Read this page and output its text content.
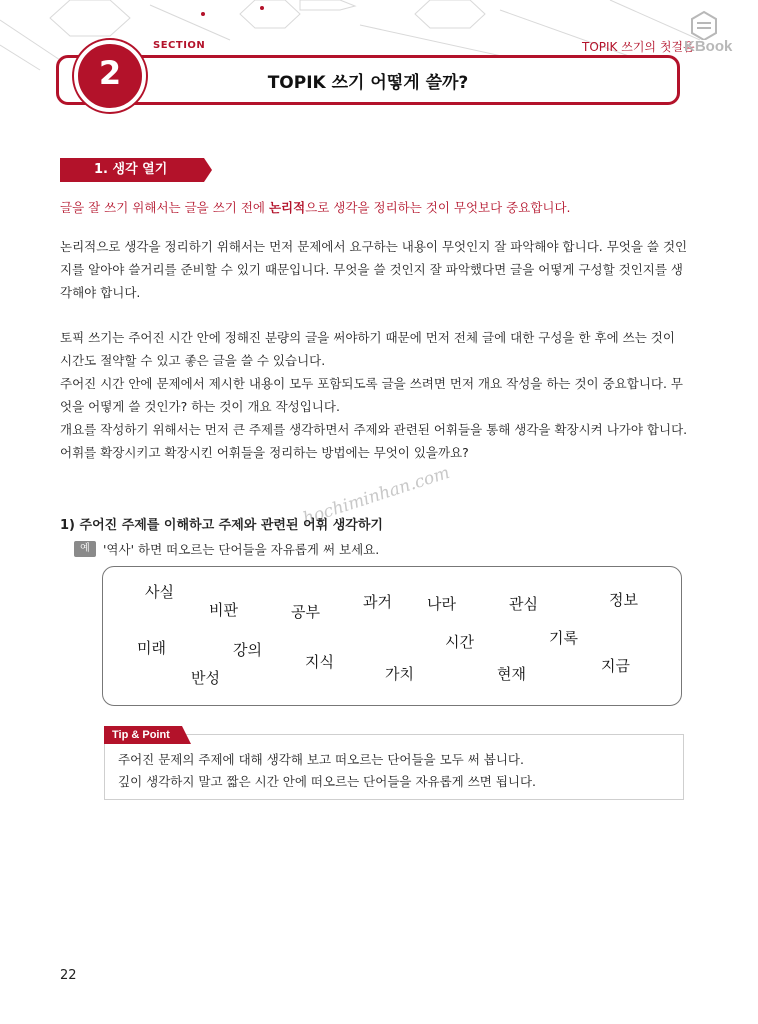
SECTION	TOPIK 쓰기의 첫걸음
KBook
TOPIK 쓰기 어떻게 쓸까?
2
1. 생각 열기
글을 잘 쓰기 위해서는 글을 쓰기 전에 논리적으로 생각을 정리하는 것이 무엇보다 중요합니다.
논리적으로 생각을 정리하기 위해서는 먼저 문제에서 요구하는 내용이 무엇인지 잘 파악해야 합니다. 무엇을 쓸 것인지를 알아야 쓸거리를 준비할 수 있기 때문입니다. 무엇을 쓸 것인지 잘 파악했다면 글을 어떻게 구성할 것인지를 생각해야 합니다.
토픽 쓰기는 주어진 시간 안에 정해진 분량의 글을 써야하기 때문에 먼저 전체 글에 대한 구성을 한 후에 쓰는 것이 시간도 절약할 수 있고 좋은 글을 쓸 수 있습니다.
주어진 시간 안에 문제에서 제시한 내용이 모두 포함되도록 글을 쓰려면 먼저 개요 작성을 하는 것이 중요합니다. 무엇을 어떻게 쓸 것인가? 하는 것이 개요 작성입니다.
개요를 작성하기 위해서는 먼저 큰 주제를 생각하면서 주제와 관련된 어휘들을 통해 생각을 확장시켜 나가야 합니다. 어휘를 확장시키고 확장시킨 어휘들을 정리하는 방법에는 무엇이 있을까요?
hochiminhan.com
1) 주어진 주제를 이해하고 주제와 관련된 어휘 생각하기
예	'역사' 하면 떠오르는 단어들을 자유롭게 써 보세요.
사실
비판	공부
과거 나라	관심	정보
미래	강의
지식
시간	기록
지금
반성	가치	현재
Tip & Point
주어진 문제의 주제에 대해 생각해 보고 떠오르는 단어들을 모두 써 봅니다.
깊이 생각하지 말고 짧은 시간 안에 떠오르는 단어들을 자유롭게 쓰면 됩니다.
22
